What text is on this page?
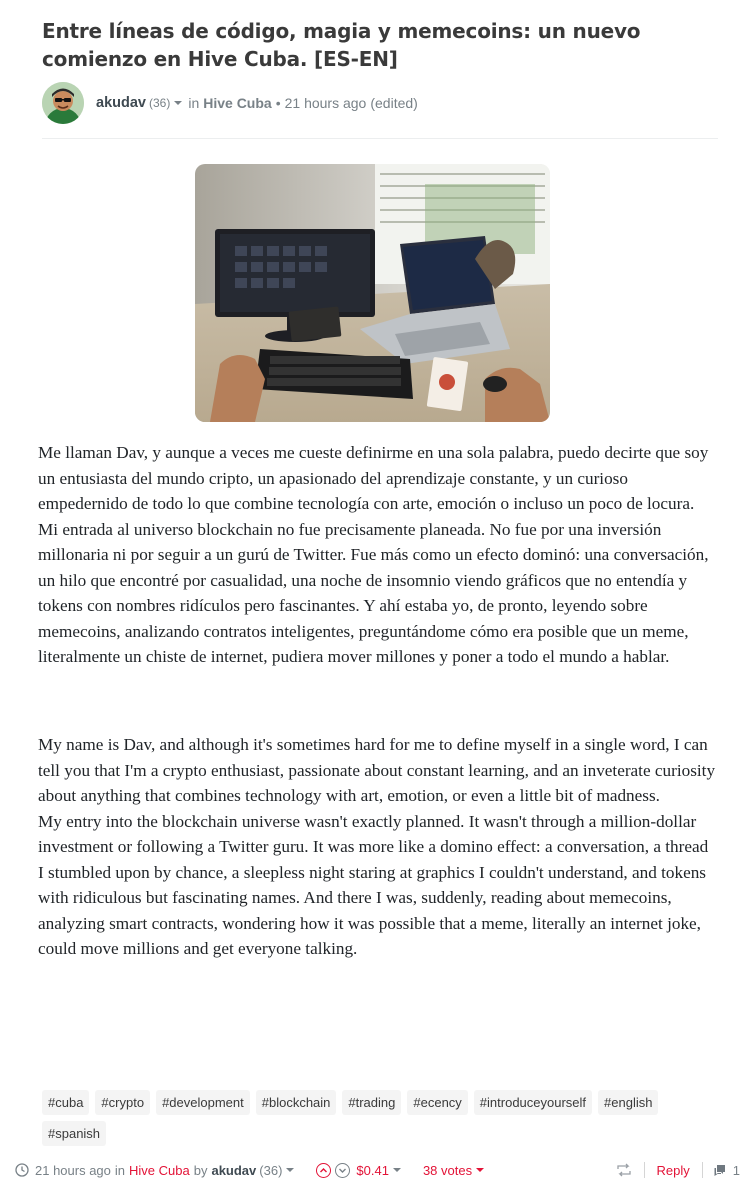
Entre líneas de código, magia y memecoins: un nuevo comienzo en Hive Cuba. [ES-EN]
akudav (36) in Hive Cuba • 21 hours ago (edited)

Me llaman Dav, y aunque a veces me cueste definirme en una sola palabra, puedo decirte que soy un entusiasta del mundo cripto, un apasionado del aprendizaje constante, y un curioso empedernido de todo lo que combine tecnología con arte, emoción o incluso un poco de locura.
Mi entrada al universo blockchain no fue precisamente planeada. No fue por una inversión millonaria ni por seguir a un gurú de Twitter. Fue más como un efecto dominó: una conversación, un hilo que encontré por casualidad, una noche de insomnio viendo gráficos que no entendía y tokens con nombres ridículos pero fascinantes. Y ahí estaba yo, de pronto, leyendo sobre memecoins, analizando contratos inteligentes, preguntándome cómo era posible que un meme, literalmente un chiste de internet, pudiera mover millones y poner a todo el mundo a hablar.

My name is Dav, and although it's sometimes hard for me to define myself in a single word, I can tell you that I'm a crypto enthusiast, passionate about constant learning, and an inveterate curiosity about anything that combines technology with art, emotion, or even a little bit of madness.
My entry into the blockchain universe wasn't exactly planned. It wasn't through a million-dollar investment or following a Twitter guru. It was more like a domino effect: a conversation, a thread I stumbled upon by chance, a sleepless night staring at graphics I couldn't understand, and tokens with ridiculous but fascinating names. And there I was, suddenly, reading about memecoins, analyzing smart contracts, wondering how it was possible that a meme, literally an internet joke, could move millions and get everyone talking.

#cuba	#crypto	#development	#blockchain	#trading	#ecency	#introduceyourself	#english
#spanish
21 hours ago in Hive Cuba by akudav (36)	$0.41	38 votes	Reply	1
